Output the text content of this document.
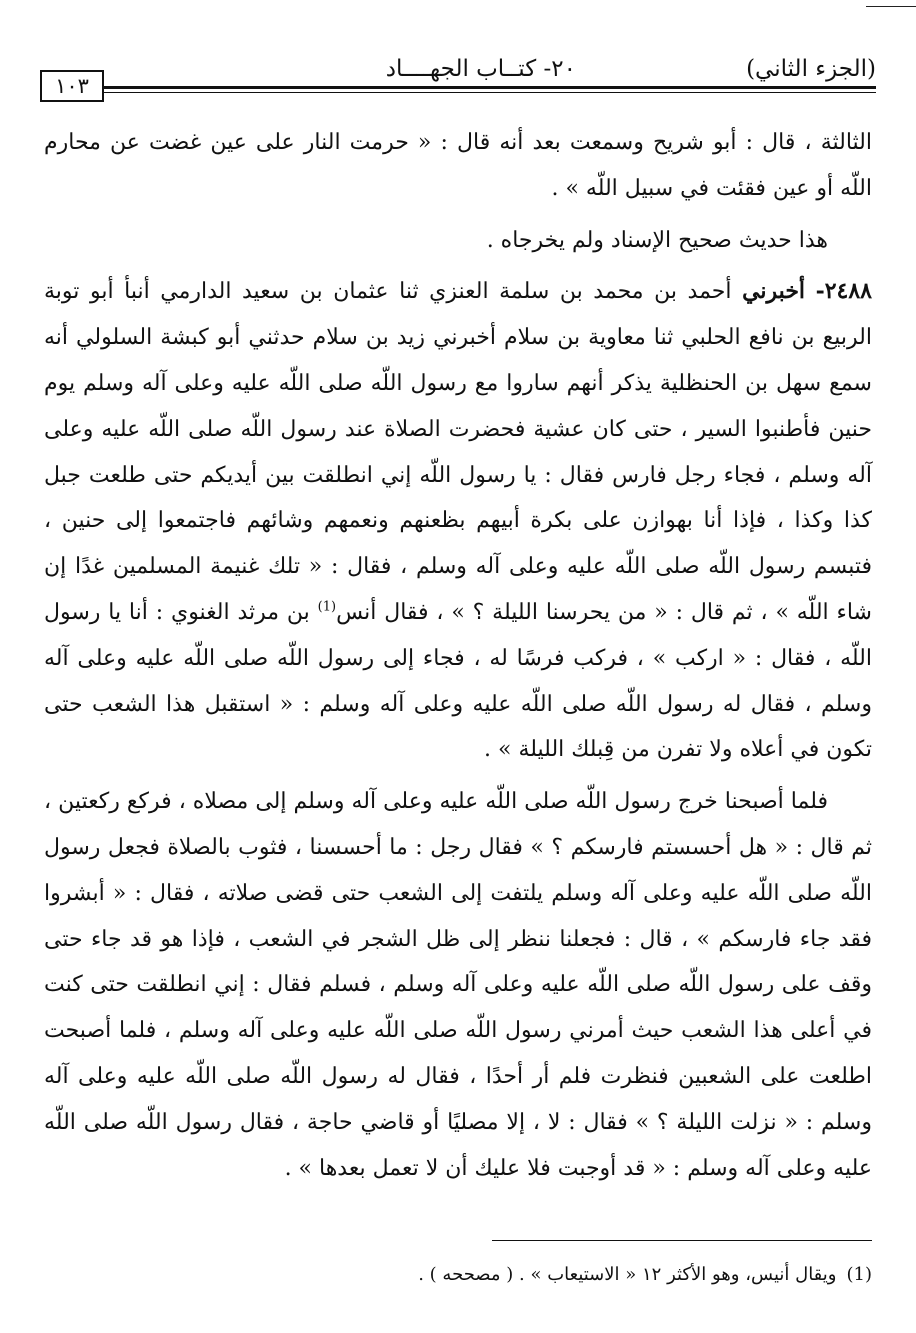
(الجزء الثاني)
٢٠- كتــاب الجهــــاد
١٠٣

الثالثة ، قال : أبو شريح وسمعت بعد أنه قال : « حرمت النار على عين غضت عن محارم اللّه أو عين فقئت في سبيل اللّه » .

هذا حديث صحيح الإسناد ولم يخرجاه .

٢٤٨٨- أخبرني أحمد بن محمد بن سلمة العنزي ثنا عثمان بن سعيد الدارمي أنبأ أبو توبة الربيع بن نافع الحلبي ثنا معاوية بن سلام أخبرني زيد بن سلام حدثني أبو كبشة السلولي أنه سمع سهل بن الحنظلية يذكر أنهم ساروا مع رسول اللّه صلى اللّه عليه وعلى آله وسلم يوم حنين فأطنبوا السير ، حتى كان عشية فحضرت الصلاة عند رسول اللّه صلى اللّه عليه وعلى آله وسلم ، فجاء رجل فارس فقال : يا رسول اللّه إني انطلقت بين أيديكم حتى طلعت جبل كذا وكذا ، فإذا أنا بهوازن على بكرة أبيهم بظعنهم ونعمهم وشائهم فاجتمعوا إلى حنين ، فتبسم رسول اللّه صلى اللّه عليه وعلى آله وسلم ، فقال : « تلك غنيمة المسلمين غدًا إن شاء اللّه » ، ثم قال : « من يحرسنا الليلة ؟ » ، فقال أنس$^{(1)}$ بن مرثد الغنوي : أنا يا رسول اللّه ، فقال : « اركب » ، فركب فرسًا له ، فجاء إلى رسول اللّه صلى اللّه عليه وعلى آله وسلم ، فقال له رسول اللّه صلى اللّه عليه وعلى آله وسلم : « استقبل هذا الشعب حتى تكون في أعلاه ولا تفرن من قِبلك الليلة » .

فلما أصبحنا خرج رسول اللّه صلى اللّه عليه وعلى آله وسلم إلى مصلاه ، فركع ركعتين ، ثم قال : « هل أحسستم فارسكم ؟ » فقال رجل : ما أحسسنا ، فثوب بالصلاة فجعل رسول اللّه صلى اللّه عليه وعلى آله وسلم يلتفت إلى الشعب حتى قضى صلاته ، فقال : « أبشروا فقد جاء فارسكم » ، قال : فجعلنا ننظر إلى ظل الشجر في الشعب ، فإذا هو قد جاء حتى وقف على رسول اللّه صلى اللّه عليه وعلى آله وسلم ، فسلم فقال : إني انطلقت حتى كنت في أعلى هذا الشعب حيث أمرني رسول اللّه صلى اللّه عليه وعلى آله وسلم ، فلما أصبحت اطلعت على الشعبين فنظرت فلم أر أحدًا ، فقال له رسول اللّه صلى اللّه عليه وعلى آله وسلم : « نزلت الليلة ؟ » فقال : لا ، إلا مصليًا أو قاضي حاجة ، فقال رسول اللّه صلى اللّه عليه وعلى آله وسلم : « قد أوجبت فلا عليك أن لا تعمل بعدها » .

(1)ويقال أنيس، وهو الأكثر ١٢ « الاستيعاب » . ( مصححه ) .
